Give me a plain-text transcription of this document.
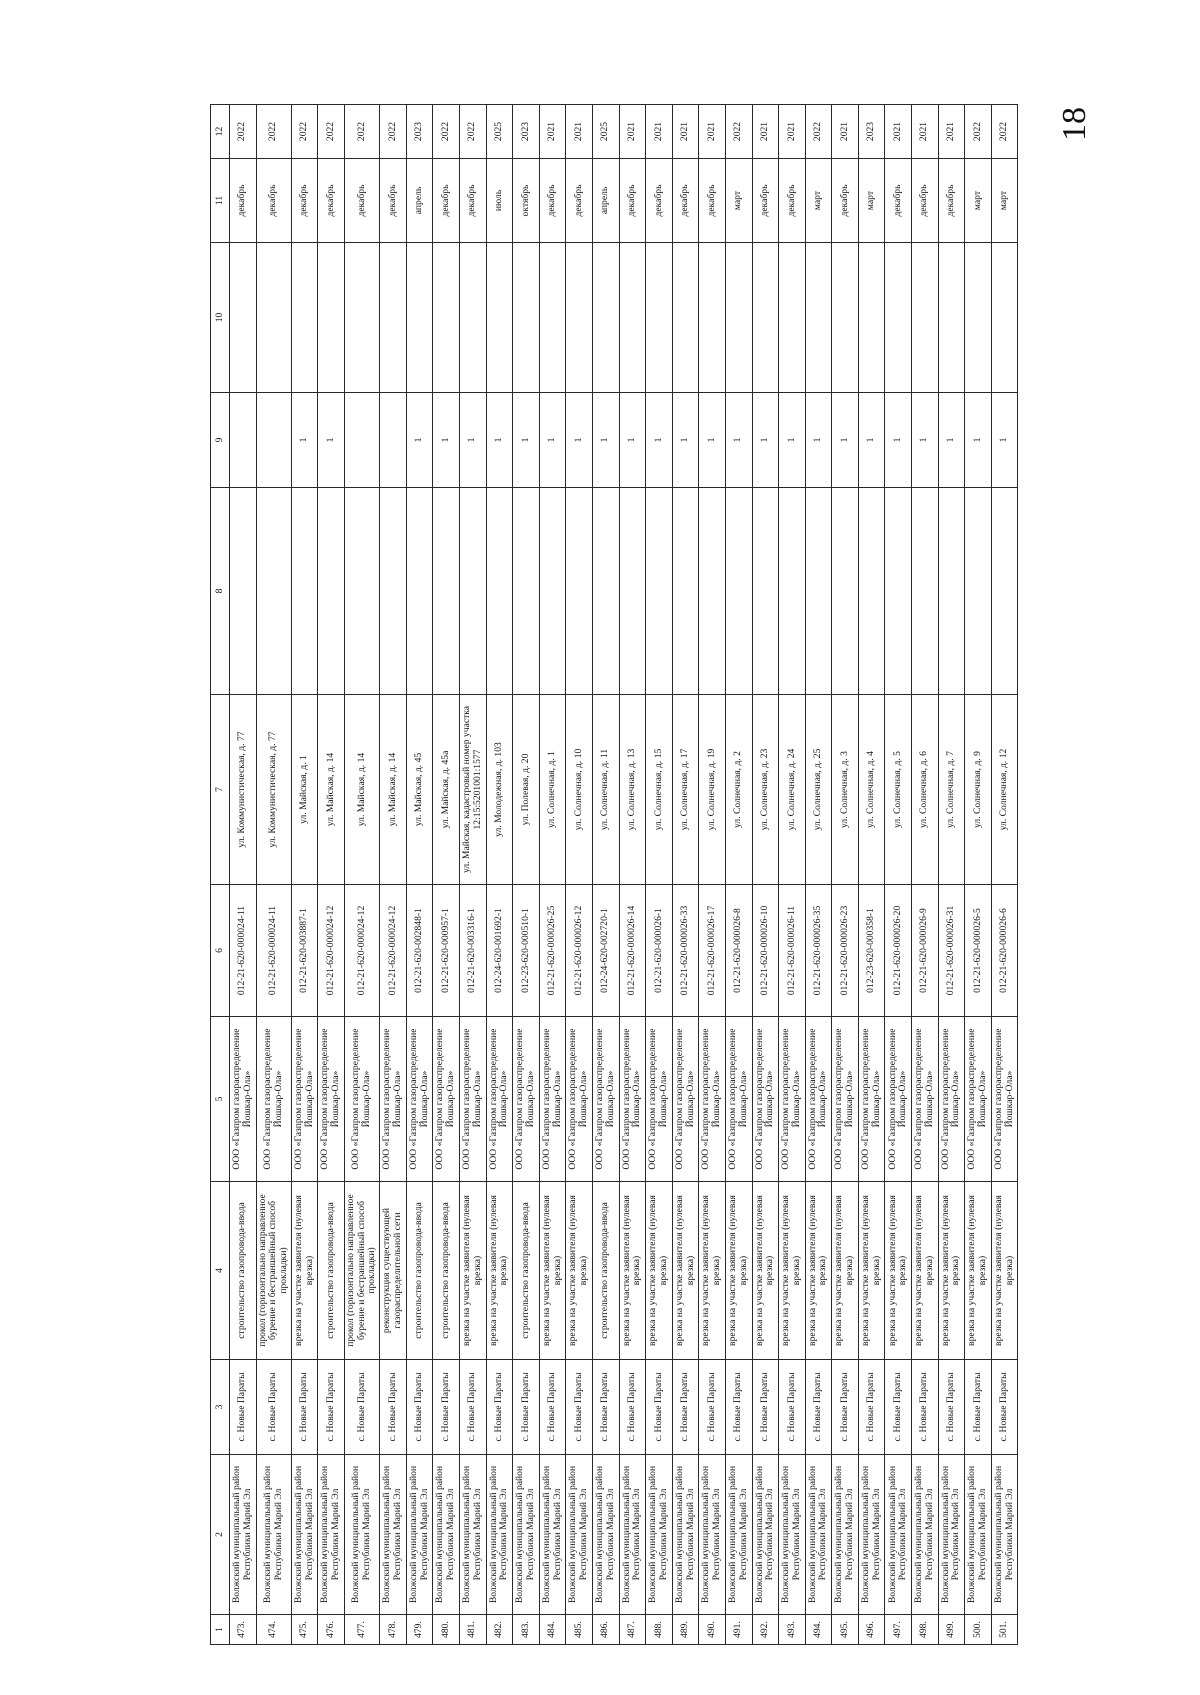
18
1	2	3	4	5	6	7	8	9	10	11	12
473.	Волжский муниципальный район Республики Марий Эл	с. Новые Параты	строительство газопровода-ввода	ООО «Газпром газораспределение Йошкар-Ола»	012-21-620-000024-11	ул. Коммунистическая, д. 77				декабрь	2022
474.	Волжский муниципальный район Республики Марий Эл	с. Новые Параты	прокол (горизонтально направленное бурение и бестраншейный способ прокладки)	ООО «Газпром газораспределение Йошкар-Ола»	012-21-620-000024-11	ул. Коммунистическая, д. 77				декабрь	2022
475.	Волжский муниципальный район Республики Марий Эл	с. Новые Параты	врезка на участке заявителя (нулевая врезка)	ООО «Газпром газораспределение Йошкар-Ола»	012-21-620-003887-1	ул. Майская, д. 1		1		декабрь	2022
476.	Волжский муниципальный район Республики Марий Эл	с. Новые Параты	строительство газопровода-ввода	ООО «Газпром газораспределение Йошкар-Ола»	012-21-620-000024-12	ул. Майская, д. 14		1		декабрь	2022
477.	Волжский муниципальный район Республики Марий Эл	с. Новые Параты	прокол (горизонтально направленное бурение и бестраншейный способ прокладки)	ООО «Газпром газораспределение Йошкар-Ола»	012-21-620-000024-12	ул. Майская, д. 14				декабрь	2022
478.	Волжский муниципальный район Республики Марий Эл	с. Новые Параты	реконструкция существующей газораспределительной сети	ООО «Газпром газораспределение Йошкар-Ола»	012-21-620-000024-12	ул. Майская, д. 14				декабрь	2022
479.	Волжский муниципальный район Республики Марий Эл	с. Новые Параты	строительство газопровода-ввода	ООО «Газпром газораспределение Йошкар-Ола»	012-21-620-002848-1	ул. Майская, д. 45		1		апрель	2023
480.	Волжский муниципальный район Республики Марий Эл	с. Новые Параты	строительство газопровода-ввода	ООО «Газпром газораспределение Йошкар-Ола»	012-21-620-000957-1	ул. Майская, д. 45а		1		декабрь	2022
481.	Волжский муниципальный район Республики Марий Эл	с. Новые Параты	врезка на участке заявителя (нулевая врезка)	ООО «Газпром газораспределение Йошкар-Ола»	012-21-620-003316-1	ул. Майская, кадастровый номер участка 12:15:5201001:1577		1		декабрь	2022
482.	Волжский муниципальный район Республики Марий Эл	с. Новые Параты	врезка на участке заявителя (нулевая врезка)	ООО «Газпром газораспределение Йошкар-Ола»	012-24-620-001692-1	ул. Молодежная, д. 103		1		июль	2025
483.	Волжский муниципальный район Республики Марий Эл	с. Новые Параты	строительство газопровода-ввода	ООО «Газпром газораспределение Йошкар-Ола»	012-23-620-000510-1	ул. Полевая, д. 20		1		октябрь	2023
484.	Волжский муниципальный район Республики Марий Эл	с. Новые Параты	врезка на участке заявителя (нулевая врезка)	ООО «Газпром газораспределение Йошкар-Ола»	012-21-620-000026-25	ул. Солнечная, д. 1		1		декабрь	2021
485.	Волжский муниципальный район Республики Марий Эл	с. Новые Параты	врезка на участке заявителя (нулевая врезка)	ООО «Газпром газораспределение Йошкар-Ола»	012-21-620-000026-12	ул. Солнечная, д. 10		1		декабрь	2021
486.	Волжский муниципальный район Республики Марий Эл	с. Новые Параты	строительство газопровода-ввода	ООО «Газпром газораспределение Йошкар-Ола»	012-24-620-002720-1	ул. Солнечная, д. 11		1		апрель	2025
487.	Волжский муниципальный район Республики Марий Эл	с. Новые Параты	врезка на участке заявителя (нулевая врезка)	ООО «Газпром газораспределение Йошкар-Ола»	012-21-620-000026-14	ул. Солнечная, д. 13		1		декабрь	2021
488.	Волжский муниципальный район Республики Марий Эл	с. Новые Параты	врезка на участке заявителя (нулевая врезка)	ООО «Газпром газораспределение Йошкар-Ола»	012-21-620-000026-1	ул. Солнечная, д. 15		1		декабрь	2021
489.	Волжский муниципальный район Республики Марий Эл	с. Новые Параты	врезка на участке заявителя (нулевая врезка)	ООО «Газпром газораспределение Йошкар-Ола»	012-21-620-000026-33	ул. Солнечная, д. 17		1		декабрь	2021
490.	Волжский муниципальный район Республики Марий Эл	с. Новые Параты	врезка на участке заявителя (нулевая врезка)	ООО «Газпром газораспределение Йошкар-Ола»	012-21-620-000026-17	ул. Солнечная, д. 19		1		декабрь	2021
491.	Волжский муниципальный район Республики Марий Эл	с. Новые Параты	врезка на участке заявителя (нулевая врезка)	ООО «Газпром газораспределение Йошкар-Ола»	012-21-620-000026-8	ул. Солнечная, д. 2		1		март	2022
492.	Волжский муниципальный район Республики Марий Эл	с. Новые Параты	врезка на участке заявителя (нулевая врезка)	ООО «Газпром газораспределение Йошкар-Ола»	012-21-620-000026-10	ул. Солнечная, д. 23		1		декабрь	2021
493.	Волжский муниципальный район Республики Марий Эл	с. Новые Параты	врезка на участке заявителя (нулевая врезка)	ООО «Газпром газораспределение Йошкар-Ола»	012-21-620-000026-11	ул. Солнечная, д. 24		1		декабрь	2021
494.	Волжский муниципальный район Республики Марий Эл	с. Новые Параты	врезка на участке заявителя (нулевая врезка)	ООО «Газпром газораспределение Йошкар-Ола»	012-21-620-000026-35	ул. Солнечная, д. 25		1		март	2022
495.	Волжский муниципальный район Республики Марий Эл	с. Новые Параты	врезка на участке заявителя (нулевая врезка)	ООО «Газпром газораспределение Йошкар-Ола»	012-21-620-000026-23	ул. Солнечная, д. 3		1		декабрь	2021
496.	Волжский муниципальный район Республики Марий Эл	с. Новые Параты	врезка на участке заявителя (нулевая врезка)	ООО «Газпром газораспределение Йошкар-Ола»	012-23-620-000358-1	ул. Солнечная, д. 4		1		март	2023
497.	Волжский муниципальный район Республики Марий Эл	с. Новые Параты	врезка на участке заявителя (нулевая врезка)	ООО «Газпром газораспределение Йошкар-Ола»	012-21-620-000026-20	ул. Солнечная, д. 5		1		декабрь	2021
498.	Волжский муниципальный район Республики Марий Эл	с. Новые Параты	врезка на участке заявителя (нулевая врезка)	ООО «Газпром газораспределение Йошкар-Ола»	012-21-620-000026-9	ул. Солнечная, д. 6		1		декабрь	2021
499.	Волжский муниципальный район Республики Марий Эл	с. Новые Параты	врезка на участке заявителя (нулевая врезка)	ООО «Газпром газораспределение Йошкар-Ола»	012-21-620-000026-31	ул. Солнечная, д. 7		1		декабрь	2021
500.	Волжский муниципальный район Республики Марий Эл	с. Новые Параты	врезка на участке заявителя (нулевая врезка)	ООО «Газпром газораспределение Йошкар-Ола»	012-21-620-000026-5	ул. Солнечная, д. 9		1		март	2022
501.	Волжский муниципальный район Республики Марий Эл	с. Новые Параты	врезка на участке заявителя (нулевая врезка)	ООО «Газпром газораспределение Йошкар-Ола»	012-21-620-000026-6	ул. Солнечная, д. 12		1		март	2022
